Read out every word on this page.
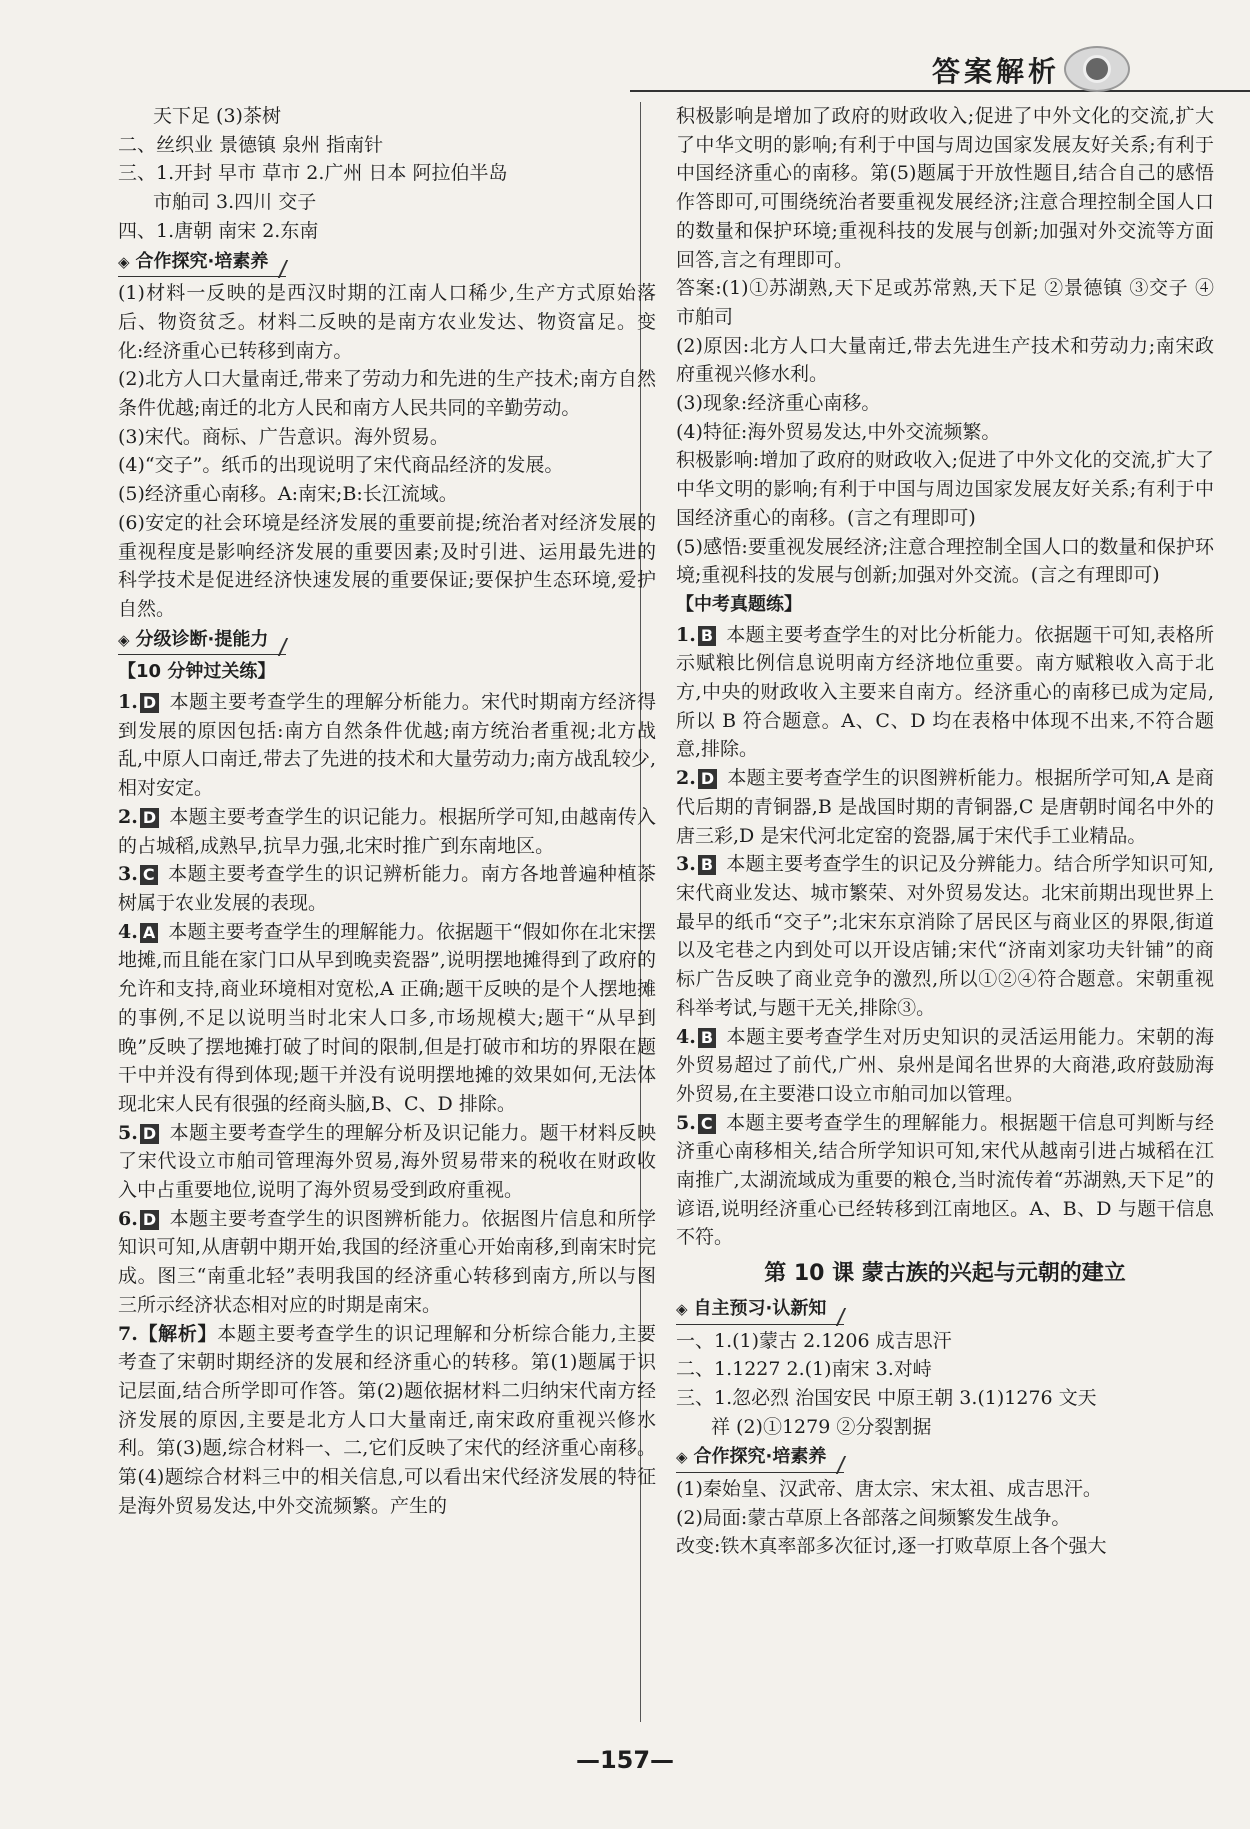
答案解析

天下足 (3)茶树

二、丝织业 景德镇 泉州 指南针

三、1.开封 早市 草市 2.广州 日本 阿拉伯半岛

市舶司 3.四川 交子

四、1.唐朝 南宋 2.东南

◈ 合作探究·培素养

(1)材料一反映的是西汉时期的江南人口稀少,生产方式原始落后、物资贫乏。材料二反映的是南方农业发达、物资富足。变化:经济重心已转移到南方。

(2)北方人口大量南迁,带来了劳动力和先进的生产技术;南方自然条件优越;南迁的北方人民和南方人民共同的辛勤劳动。

(3)宋代。商标、广告意识。海外贸易。

(4)“交子”。纸币的出现说明了宋代商品经济的发展。

(5)经济重心南移。A:南宋;B:长江流域。

(6)安定的社会环境是经济发展的重要前提;统治者对经济发展的重视程度是影响经济发展的重要因素;及时引进、运用最先进的科学技术是促进经济快速发展的重要保证;要保护生态环境,爱护自然。

◈ 分级诊断·提能力
【10 分钟过关练】

1. D 本题主要考查学生的理解分析能力。宋代时期南方经济得到发展的原因包括:南方自然条件优越;南方统治者重视;北方战乱,中原人口南迁,带去了先进的技术和大量劳动力;南方战乱较少,相对安定。

2. D 本题主要考查学生的识记能力。根据所学可知,由越南传入的占城稻,成熟早,抗旱力强,北宋时推广到东南地区。

3. C 本题主要考查学生的识记辨析能力。南方各地普遍种植茶树属于农业发展的表现。

4. A 本题主要考查学生的理解能力。依据题干“假如你在北宋摆地摊,而且能在家门口从早到晚卖瓷器”,说明摆地摊得到了政府的允许和支持,商业环境相对宽松,A 正确;题干反映的是个人摆地摊的事例,不足以说明当时北宋人口多,市场规模大;题干“从早到晚”反映了摆地摊打破了时间的限制,但是打破市和坊的界限在题干中并没有得到体现;题干并没有说明摆地摊的效果如何,无法体现北宋人民有很强的经商头脑,B、C、D 排除。

5. D 本题主要考查学生的理解分析及识记能力。题干材料反映了宋代设立市舶司管理海外贸易,海外贸易带来的税收在财政收入中占重要地位,说明了海外贸易受到政府重视。

6. D 本题主要考查学生的识图辨析能力。依据图片信息和所学知识可知,从唐朝中期开始,我国的经济重心开始南移,到南宋时完成。图三“南重北轻”表明我国的经济重心转移到南方,所以与图三所示经济状态相对应的时期是南宋。

7.【解析】本题主要考查学生的识记理解和分析综合能力,主要考查了宋朝时期经济的发展和经济重心的转移。第(1)题属于识记层面,结合所学即可作答。第(2)题依据材料二归纳宋代南方经济发展的原因,主要是北方人口大量南迁,南宋政府重视兴修水利。第(3)题,综合材料一、二,它们反映了宋代的经济重心南移。第(4)题综合材料三中的相关信息,可以看出宋代经济发展的特征是海外贸易发达,中外交流频繁。产生的

积极影响是增加了政府的财政收入;促进了中外文化的交流,扩大了中华文明的影响;有利于中国与周边国家发展友好关系;有利于中国经济重心的南移。第(5)题属于开放性题目,结合自己的感悟作答即可,可围绕统治者要重视发展经济;注意合理控制全国人口的数量和保护环境;重视科技的发展与创新;加强对外交流等方面回答,言之有理即可。

答案:(1)①苏湖熟,天下足或苏常熟,天下足 ②景德镇 ③交子 ④市舶司

(2)原因:北方人口大量南迁,带去先进生产技术和劳动力;南宋政府重视兴修水利。

(3)现象:经济重心南移。

(4)特征:海外贸易发达,中外交流频繁。

积极影响:增加了政府的财政收入;促进了中外文化的交流,扩大了中华文明的影响;有利于中国与周边国家发展友好关系;有利于中国经济重心的南移。(言之有理即可)

(5)感悟:要重视发展经济;注意合理控制全国人口的数量和保护环境;重视科技的发展与创新;加强对外交流。(言之有理即可)

【中考真题练】

1. B 本题主要考查学生的对比分析能力。依据题干可知,表格所示赋粮比例信息说明南方经济地位重要。南方赋粮收入高于北方,中央的财政收入主要来自南方。经济重心的南移已成为定局,所以 B 符合题意。A、C、D 均在表格中体现不出来,不符合题意,排除。

2. D 本题主要考查学生的识图辨析能力。根据所学可知,A 是商代后期的青铜器,B 是战国时期的青铜器,C 是唐朝时闻名中外的唐三彩,D 是宋代河北定窑的瓷器,属于宋代手工业精品。

3. B 本题主要考查学生的识记及分辨能力。结合所学知识可知,宋代商业发达、城市繁荣、对外贸易发达。北宋前期出现世界上最早的纸币“交子”;北宋东京消除了居民区与商业区的界限,街道以及宅巷之内到处可以开设店铺;宋代“济南刘家功夫针铺”的商标广告反映了商业竞争的激烈,所以①②④符合题意。宋朝重视科举考试,与题干无关,排除③。

4. B 本题主要考查学生对历史知识的灵活运用能力。宋朝的海外贸易超过了前代,广州、泉州是闻名世界的大商港,政府鼓励海外贸易,在主要港口设立市舶司加以管理。

5. C 本题主要考查学生的理解能力。根据题干信息可判断与经济重心南移相关,结合所学知识可知,宋代从越南引进占城稻在江南推广,太湖流域成为重要的粮仓,当时流传着“苏湖熟,天下足”的谚语,说明经济重心已经转移到江南地区。A、B、D 与题干信息不符。

第 10 课 蒙古族的兴起与元朝的建立
◈ 自主预习·认新知

一、1.(1)蒙古 2.1206 成吉思汗

二、1.1227 2.(1)南宋 3.对峙

三、1.忽必烈 治国安民 中原王朝 3.(1)1276 文天

祥 (2)①1279 ②分裂割据

◈ 合作探究·培素养

(1)秦始皇、汉武帝、唐太宗、宋太祖、成吉思汗。

(2)局面:蒙古草原上各部落之间频繁发生战争。

改变:铁木真率部多次征讨,逐一打败草原上各个强大

—157—
